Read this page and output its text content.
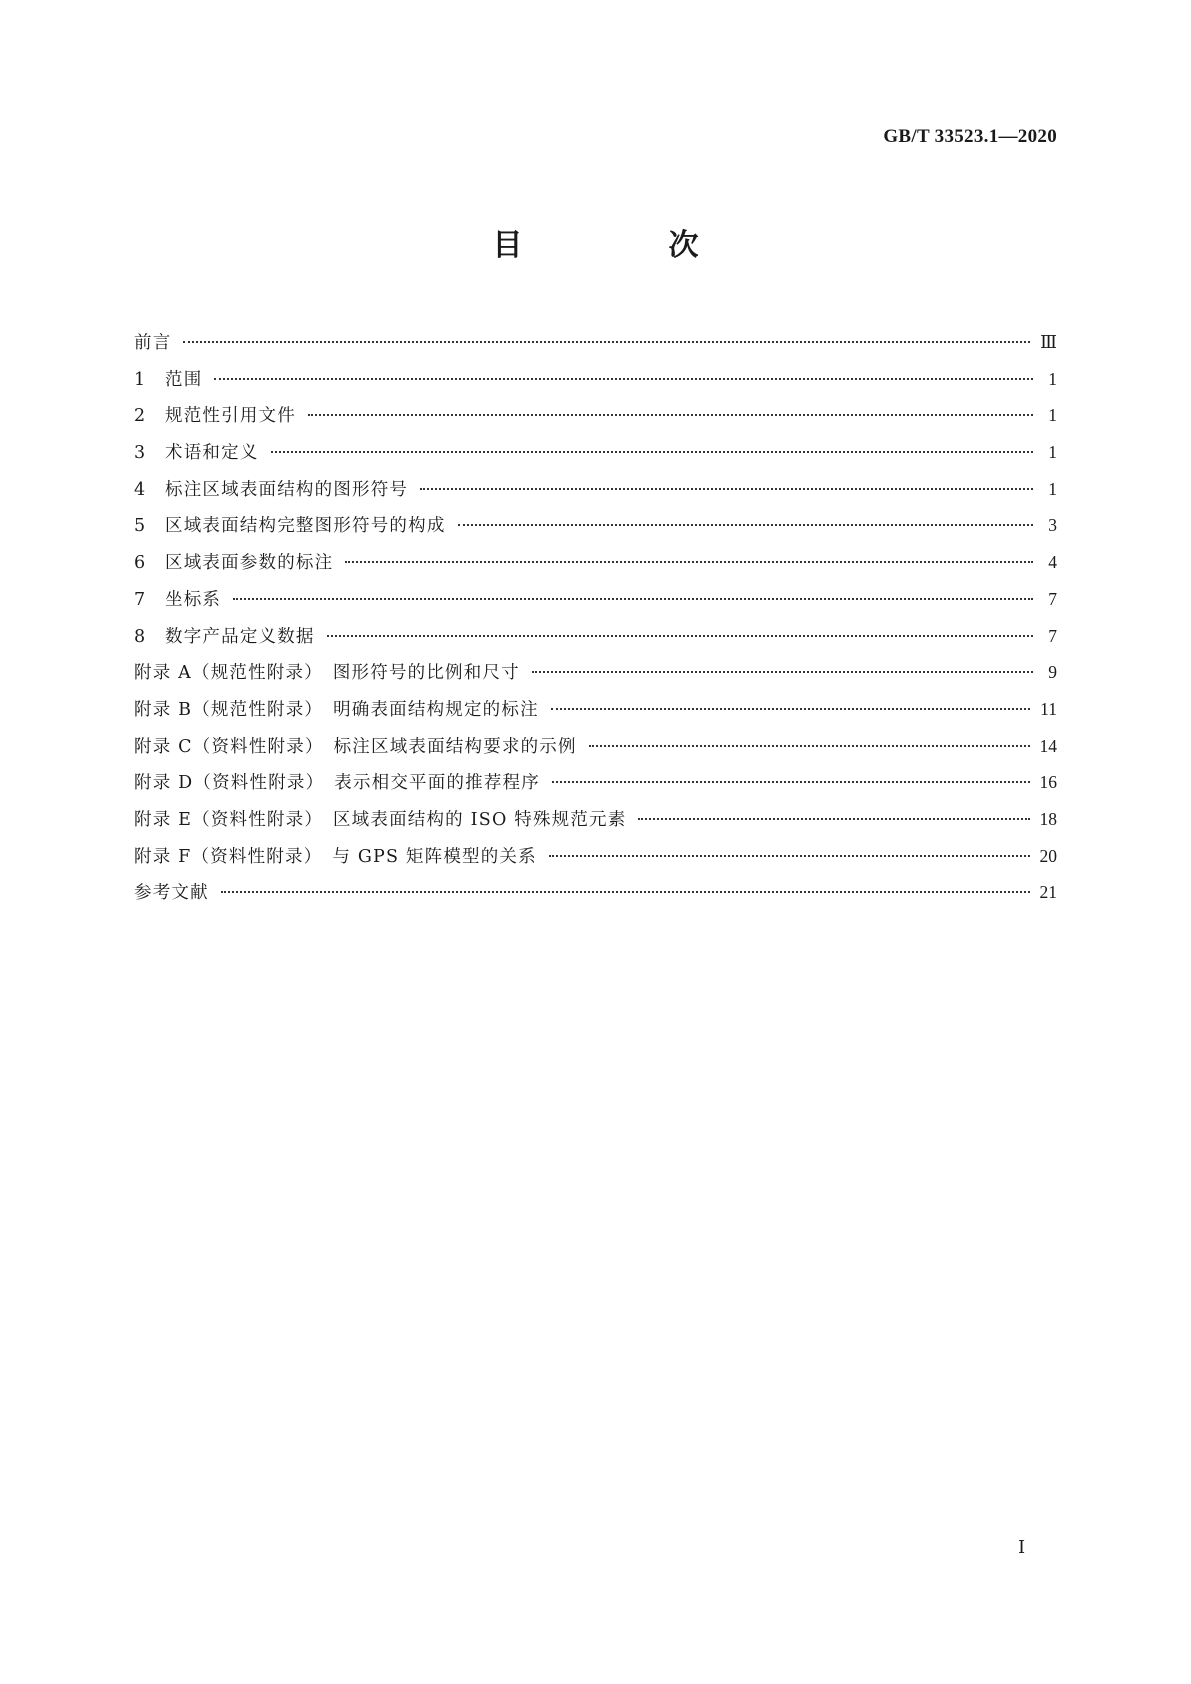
GB/T 33523.1—2020
目　次
前言	Ⅲ
1　范围	1
2　规范性引用文件	1
3　术语和定义	1
4　标注区域表面结构的图形符号	1
5　区域表面结构完整图形符号的构成	3
6　区域表面参数的标注	4
7　坐标系	7
8　数字产品定义数据	7
附录 A（规范性附录）　图形符号的比例和尺寸	9
附录 B（规范性附录）　明确表面结构规定的标注	11
附录 C（资料性附录）　标注区域表面结构要求的示例	14
附录 D（资料性附录）　表示相交平面的推荐程序	16
附录 E（资料性附录）　区域表面结构的 ISO 特殊规范元素	18
附录 F（资料性附录）　与 GPS 矩阵模型的关系	20
参考文献	21
Ⅰ
